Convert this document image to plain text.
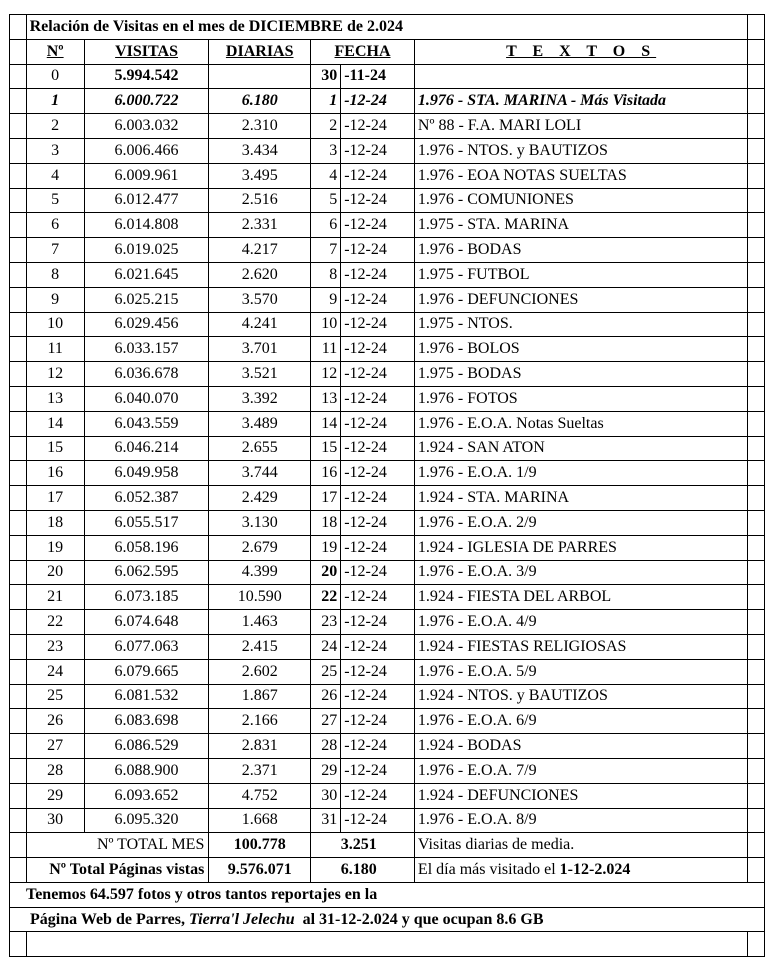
	Relación de Visitas en el mes de DICIEMBRE de 2.024						
	Nº	VISITAS	DIARIAS	FECHA		T E X T O S	
	0	5.994.542		30	-11-24		
	1	6.000.722	6.180	1	-12-24	1.976 - STA. MARINA - Más Visitada	
	2	6.003.032	2.310	2	-12-24	Nº 88 - F.A. MARI LOLI	
	3	6.006.466	3.434	3	-12-24	1.976 - NTOS. y BAUTIZOS	
	4	6.009.961	3.495	4	-12-24	1.976 - EOA NOTAS SUELTAS	
	5	6.012.477	2.516	5	-12-24	1.976 - COMUNIONES	
	6	6.014.808	2.331	6	-12-24	1.975 - STA. MARINA	
	7	6.019.025	4.217	7	-12-24	1.976 - BODAS	
	8	6.021.645	2.620	8	-12-24	1.975 - FUTBOL	
	9	6.025.215	3.570	9	-12-24	1.976 - DEFUNCIONES	
	10	6.029.456	4.241	10	-12-24	1.975 - NTOS.	
	11	6.033.157	3.701	11	-12-24	1.976 - BOLOS	
	12	6.036.678	3.521	12	-12-24	1.975 - BODAS	
	13	6.040.070	3.392	13	-12-24	1.976 - FOTOS	
	14	6.043.559	3.489	14	-12-24	1.976 - E.O.A. Notas Sueltas	
	15	6.046.214	2.655	15	-12-24	1.924 - SAN ATON	
	16	6.049.958	3.744	16	-12-24	1.976 - E.O.A. 1/9	
	17	6.052.387	2.429	17	-12-24	1.924 - STA. MARINA	
	18	6.055.517	3.130	18	-12-24	1.976 - E.O.A. 2/9	
	19	6.058.196	2.679	19	-12-24	1.924 - IGLESIA DE PARRES	
	20	6.062.595	4.399	20	-12-24	1.976 - E.O.A. 3/9	
	21	6.073.185	10.590	22	-12-24	1.924 - FIESTA DEL ARBOL	
	22	6.074.648	1.463	23	-12-24	1.976 - E.O.A. 4/9	
	23	6.077.063	2.415	24	-12-24	1.924 - FIESTAS RELIGIOSAS	
	24	6.079.665	2.602	25	-12-24	1.976 - E.O.A. 5/9	
	25	6.081.532	1.867	26	-12-24	1.924 - NTOS. y BAUTIZOS	
	26	6.083.698	2.166	27	-12-24	1.976 - E.O.A. 6/9	
	27	6.086.529	2.831	28	-12-24	1.924 - BODAS	
	28	6.088.900	2.371	29	-12-24	1.976 - E.O.A. 7/9	
	29	6.093.652	4.752	30	-12-24	1.924 - DEFUNCIONES	
	30	6.095.320	1.668	31	-12-24	1.976 - E.O.A. 8/9	
	Nº TOTAL MES		100.778		3.251	Visitas diarias de media.	
	Nº Total Páginas vistas		9.576.071		6.180	El día más visitado el 1-12-2.024	
Tenemos 64.597 fotos y otros tantos reportajes en la							
Página Web de Parres, Tierra'l Jelechu  al 31-12-2.024 y que ocupan 8.6 GB							
